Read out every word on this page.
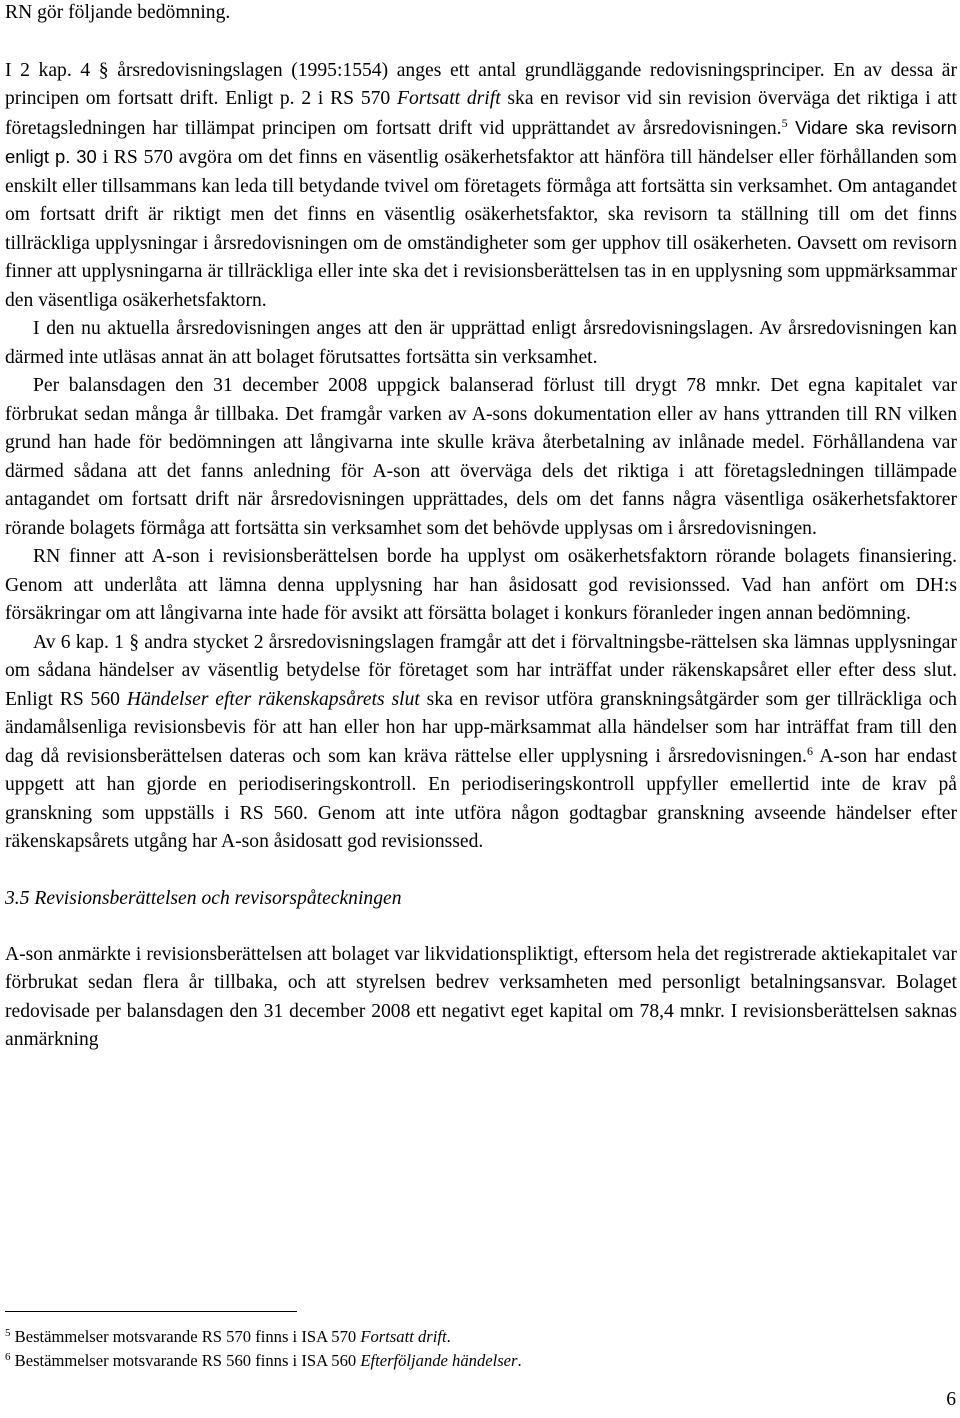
RN gör följande bedömning.

I 2 kap. 4 § årsredovisningslagen (1995:1554) anges ett antal grundläggande redovisningsprinciper. En av dessa är principen om fortsatt drift. Enligt p. 2 i RS 570 Fortsatt drift ska en revisor vid sin revision överväga det riktiga i att företagsledningen har tillämpat principen om fortsatt drift vid upprättandet av årsredovisningen.$^5$ Vidare ska revisorn enligt p. 30 i RS 570 avgöra om det finns en väsentlig osäkerhetsfaktor att hänföra till händelser eller förhållanden som enskilt eller tillsammans kan leda till betydande tvivel om företagets förmåga att fortsätta sin verksamhet. Om antagandet om fortsatt drift är riktigt men det finns en väsentlig osäkerhetsfaktor, ska revisorn ta ställning till om det finns tillräckliga upplysningar i årsredovisningen om de omständigheter som ger upphov till osäkerheten. Oavsett om revisorn finner att upplysningarna är tillräckliga eller inte ska det i revisionsberättelsen tas in en upplysning som uppmärksammar den väsentliga osäkerhetsfaktorn.

I den nu aktuella årsredovisningen anges att den är upprättad enligt årsredovisningslagen. Av årsredovisningen kan därmed inte utläsas annat än att bolaget förutsattes fortsätta sin verksamhet.

Per balansdagen den 31 december 2008 uppgick balanserad förlust till drygt 78 mnkr. Det egna kapitalet var förbrukat sedan många år tillbaka. Det framgår varken av A-sons dokumentation eller av hans yttranden till RN vilken grund han hade för bedömningen att långivarna inte skulle kräva återbetalning av inlånade medel. Förhållandena var därmed sådana att det fanns anledning för A-son att överväga dels det riktiga i att företagsledningen tillämpade antagandet om fortsatt drift när årsredovisningen upprättades, dels om det fanns några väsentliga osäkerhetsfaktorer rörande bolagets förmåga att fortsätta sin verksamhet som det behövde upplysas om i årsredovisningen.

RN finner att A-son i revisionsberättelsen borde ha upplyst om osäkerhetsfaktorn rörande bolagets finansiering. Genom att underlåta att lämna denna upplysning har han åsidosatt god revisionssed. Vad han anfört om DH:s försäkringar om att långivarna inte hade för avsikt att försätta bolaget i konkurs föranleder ingen annan bedömning.

Av 6 kap. 1 § andra stycket 2 årsredovisningslagen framgår att det i förvaltningsbe-rättelsen ska lämnas upplysningar om sådana händelser av väsentlig betydelse för företaget som har inträffat under räkenskapsåret eller efter dess slut. Enligt RS 560 Händelser efter räkenskapsårets slut ska en revisor utföra granskningsåtgärder som ger tillräckliga och ändamålsenliga revisionsbevis för att han eller hon har upp-märksammat alla händelser som har inträffat fram till den dag då revisionsberättelsen dateras och som kan kräva rättelse eller upplysning i årsredovisningen.$^6$ A-son har endast uppgett att han gjorde en periodiseringskontroll. En periodiseringskontroll uppfyller emellertid inte de krav på granskning som uppställs i RS 560. Genom att inte utföra någon godtagbar granskning avseende händelser efter räkenskapsårets utgång har A-son åsidosatt god revisionssed.

3.5 Revisionsberättelsen och revisorspåteckningen

A-son anmärkte i revisionsberättelsen att bolaget var likvidationspliktigt, eftersom hela det registrerade aktiekapitalet var förbrukat sedan flera år tillbaka, och att styrelsen bedrev verksamheten med personligt betalningsansvar. Bolaget redovisade per balansdagen den 31 december 2008 ett negativt eget kapital om 78,4 mnkr. I revisionsberättelsen saknas anmärkning

$^5$ Bestämmelser motsvarande RS 570 finns i ISA 570 Fortsatt drift.

$^6$ Bestämmelser motsvarande RS 560 finns i ISA 560 Efterföljande händelser.

6
